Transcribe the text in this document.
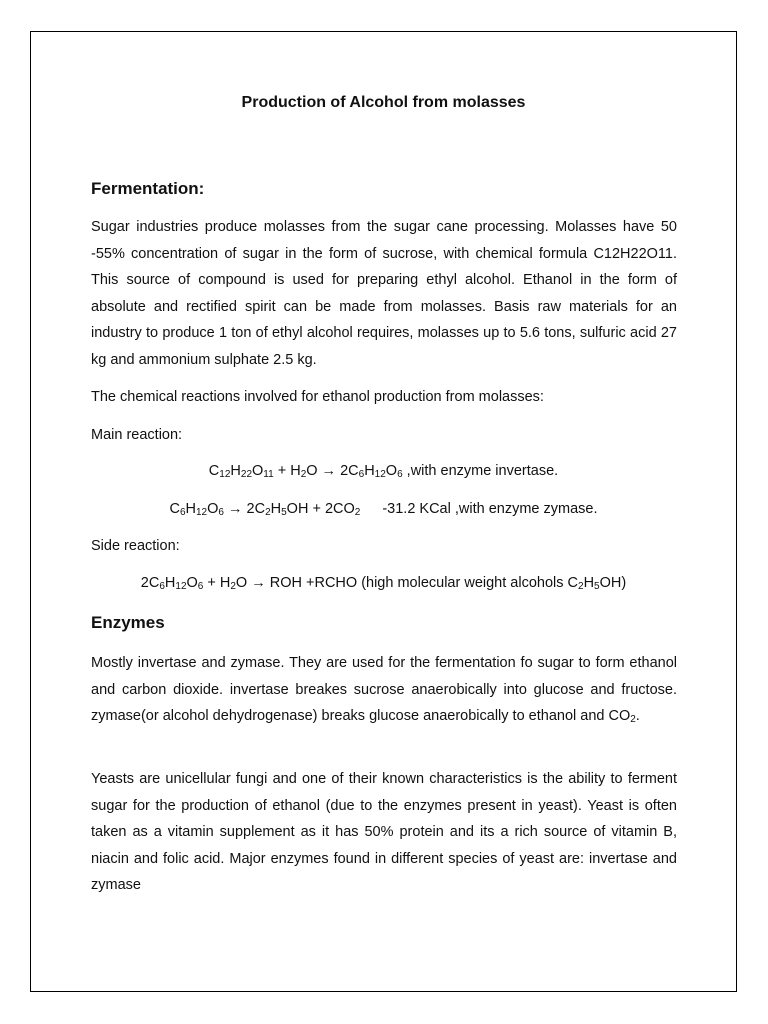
Production of Alcohol from molasses
Fermentation:

Sugar industries produce molasses from the sugar cane processing. Molasses have 50 -55% concentration of sugar in the form of sucrose, with chemical formula C12H22O11. This source of compound is used for preparing ethyl alcohol. Ethanol in the form of absolute and rectified spirit can be made from molasses. Basis raw materials for an industry to produce 1 ton of ethyl alcohol requires, molasses up to 5.6 tons, sulfuric acid 27 kg and ammonium sulphate 2.5 kg.

The chemical reactions involved for ethanol production from molasses:
Main reaction:
$C_{12}H_{22}O_{11} + H_2O \to 2C_6H_{12}O_6$ ,with enzyme invertase.
$C_6H_{12}O_6 \to 2C_2H_5OH + 2CO_2$ -31.2 KCal ,with enzyme zymase.
Side reaction:
$2C_6H_{12}O_6 + H_2O$ → ROH +RCHO (high molecular weight alcohols $C_2H_5OH$)
Enzymes

Mostly invertase and zymase. They are used for the fermentation fo sugar to form ethanol and carbon dioxide. invertase breakes sucrose anaerobically into glucose and fructose. zymase(or alcohol dehydrogenase) breaks glucose anaerobically to ethanol and $CO_2$.

Yeasts are unicellular fungi and one of their known characteristics is the ability to ferment sugar for the production of ethanol (due to the enzymes present in yeast). Yeast is often taken as a vitamin supplement as it has 50% protein and its a rich source of vitamin B, niacin and folic acid. Major enzymes found in different species of yeast are: invertase and zymase
